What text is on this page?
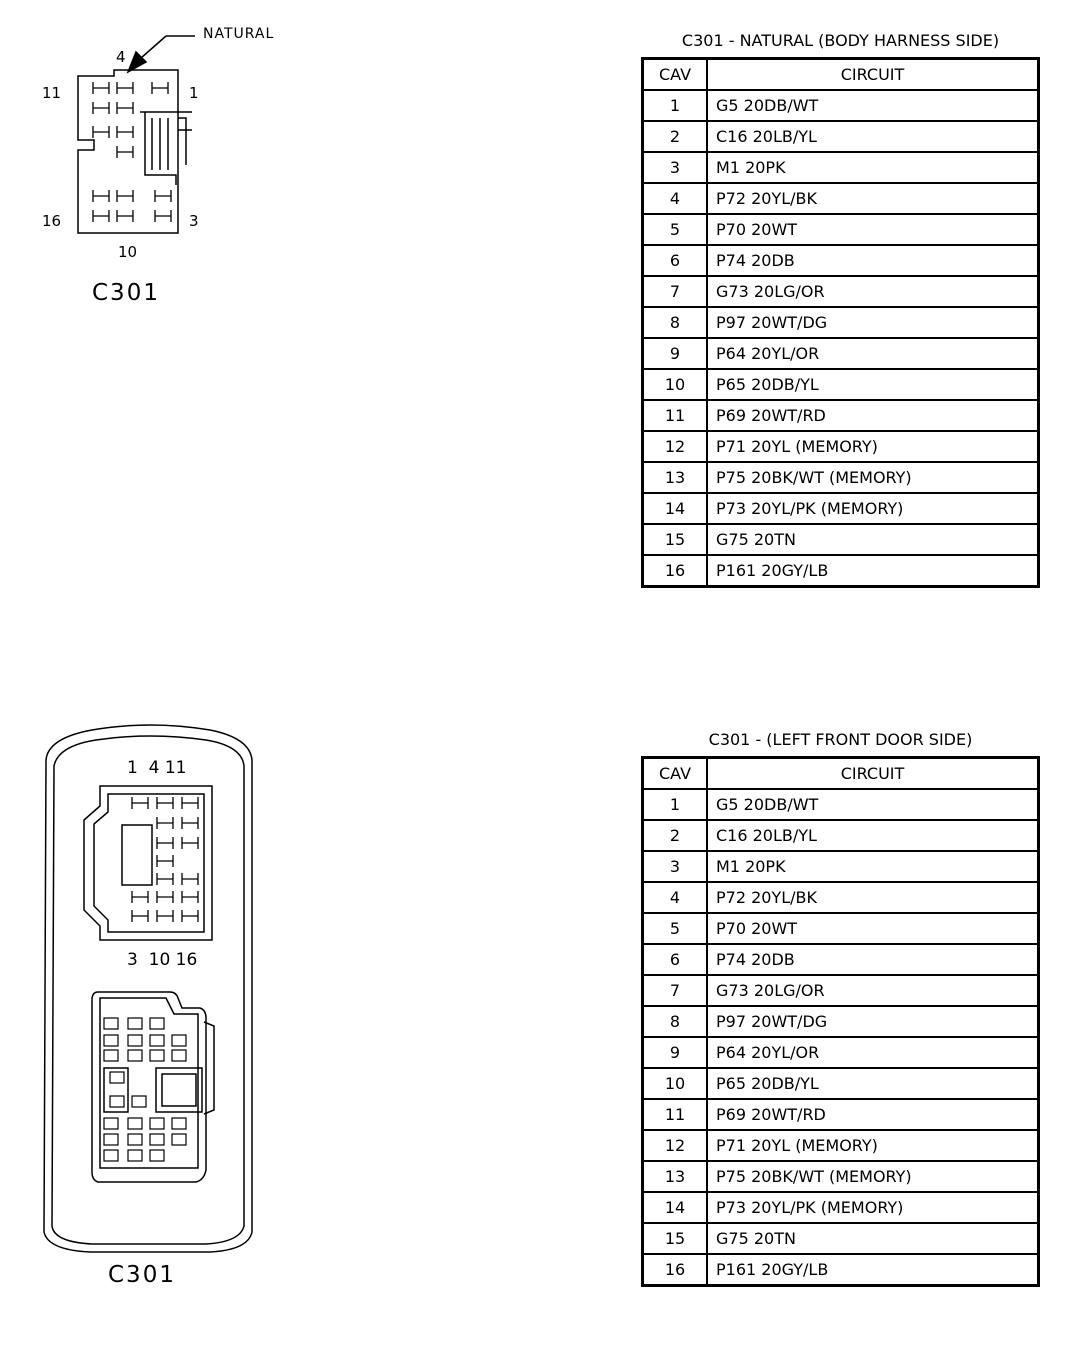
NATURAL
4
11	1
16	3
10
C301
1  4 11
3  10 16
C301
C301 - NATURAL (BODY HARNESS SIDE)
CAV	CIRCUIT
1	G5 20DB/WT
2	C16 20LB/YL
3	M1 20PK
4	P72 20YL/BK
5	P70 20WT
6	P74 20DB
7	G73 20LG/OR
8	P97 20WT/DG
9	P64 20YL/OR
10	P65 20DB/YL
11	P69 20WT/RD
12	P71 20YL (MEMORY)
13	P75 20BK/WT (MEMORY)
14	P73 20YL/PK (MEMORY)
15	G75 20TN
16	P161 20GY/LB
C301 - (LEFT FRONT DOOR SIDE)
CAV	CIRCUIT
1	G5 20DB/WT
2	C16 20LB/YL
3	M1 20PK
4	P72 20YL/BK
5	P70 20WT
6	P74 20DB
7	G73 20LG/OR
8	P97 20WT/DG
9	P64 20YL/OR
10	P65 20DB/YL
11	P69 20WT/RD
12	P71 20YL (MEMORY)
13	P75 20BK/WT (MEMORY)
14	P73 20YL/PK (MEMORY)
15	G75 20TN
16	P161 20GY/LB
